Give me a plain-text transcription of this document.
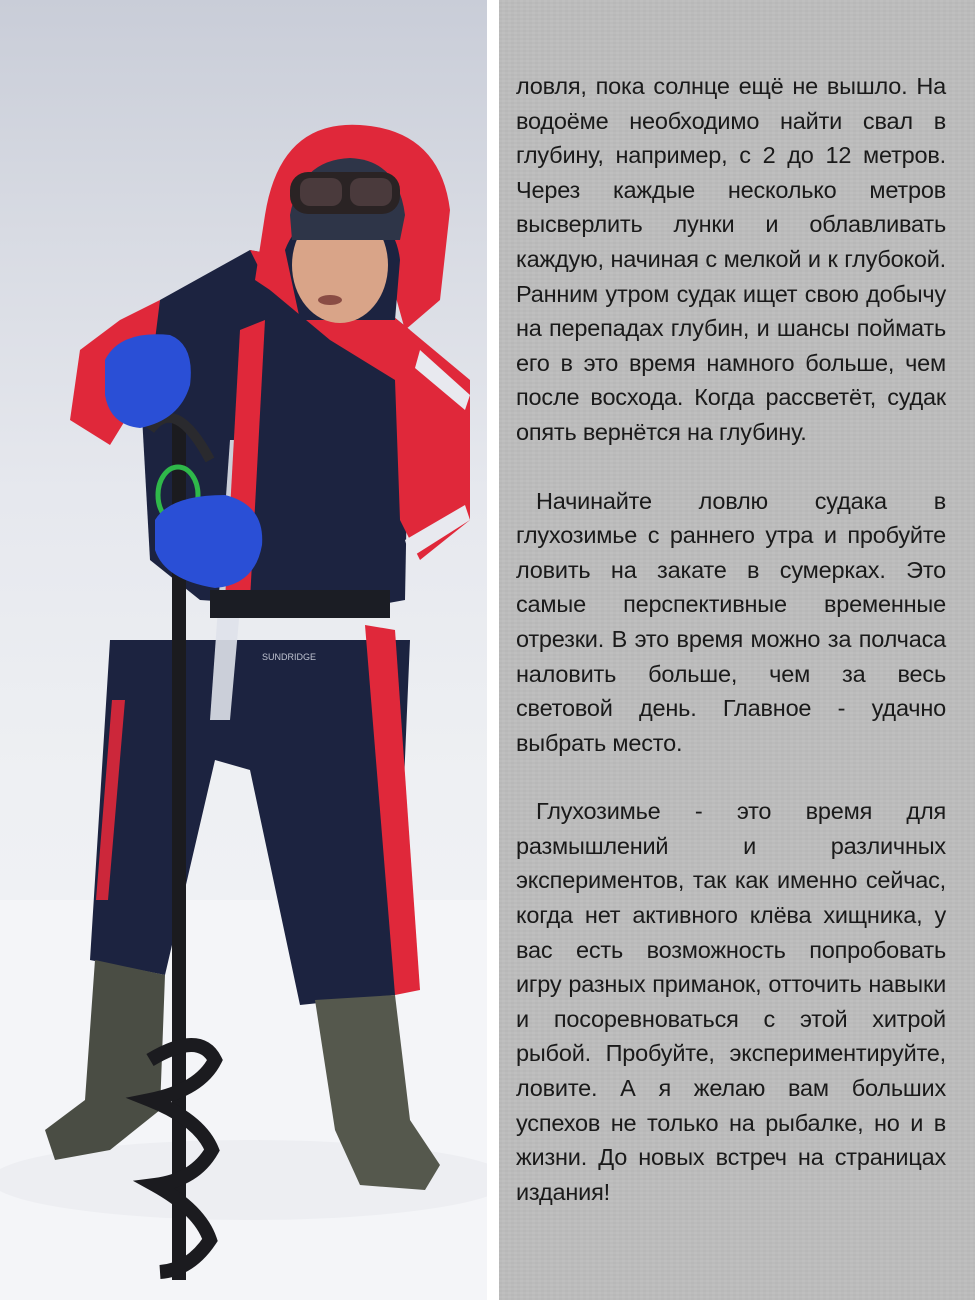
SUNDRIDGE

ловля, пока солнце ещё не вышло. На водоёме необходимо найти свал в глубину, например, с 2 до 12 метров. Через каждые несколько метров высверлить лунки и облавливать каждую, начиная с мелкой и к глубокой. Ранним утром судак ищет свою добычу на перепадах глубин, и шансы поймать его в это время намного больше, чем после восхода. Когда рассветёт, судак опять вернётся на глубину.

Начинайте ловлю судака в глухозимье с раннего утра и пробуйте ловить на закате в сумерках. Это самые перспективные временные отрезки. В это время можно за полчаса наловить больше, чем за весь световой день. Главное - удачно выбрать место.

Глухозимье - это время для размышлений и различных экспериментов, так как именно сейчас, когда нет активного клёва хищника, у вас есть возможность попробовать игру разных приманок, отточить навыки и посоревноваться с этой хитрой рыбой. Пробуйте, экспериментируйте, ловите. А я желаю вам больших успехов не только на рыбалке, но и в жизни. До новых встреч на страницах издания!
